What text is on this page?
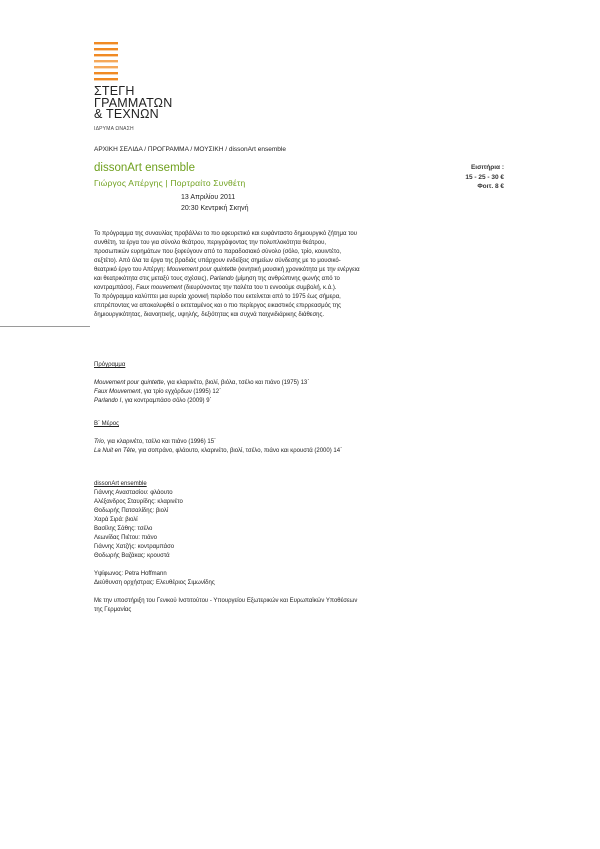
ΣΤΕΓΗ
ΓΡΑΜΜΑΤΩΝ
& ΤΕΧΝΩΝ
ΙΔΡΥΜΑ ΩΝΑΣΗ
ΑΡΧΙΚΗ ΣΕΛΙΔΑ / ΠΡΟΓΡΑΜΜΑ / ΜΟΥΣΙΚΗ / dissonArt ensemble
dissonArt ensemble
Γιώργος Απέργης | Πορτραίτο Συνθέτη
13 Απριλίου 2011
20:30 Κεντρική Σκηνή
Εισιτήρια :
15 - 25 - 30 €
Φοιτ. 8 €

Το πρόγραμμα της συναυλίας προβάλλει το πιο εφευρετικό και ευφάνταστο δημιουργικό ζήτημα του συνθέτη, τα έργα του για σύνολο θεάτρου, περιγράφοντας την πολυπλοκότητα θεάτρου, προσωπικών ευρημάτων που ξεφεύγουν από το παραδοσιακό σύνολο (σόλο, τρίο, κουιντέτο, σεξτέτο). Από όλα τα έργα της βραδιάς υπάρχουν ενδείξεις σημείων σύνδεσης με το μουσικό-θεατρικό έργο του Απέργη: Mouvement pour quintette (κινητική μουσική χρονικότητα με την ενέργεια και θεατρικότητα στις μεταξύ τους σχέσεις), Parlando (μίμηση της ανθρώπινης φωνής από το κοντραμπάσο), Faux mouvement (διευρύνοντας την παλέτα του τι εννοούμε συμβολή, κ.ά.).

Το πρόγραμμα καλύπτει μια ευρεία χρονική περίοδο που εκτείνεται από το 1975 έως σήμερα, επιτρέποντας να αποκαλυφθεί ο εκτεταμένος και ο πιο περίεργος εικαστικός επιρρεασμός της δημιουργικότητας, διανοητικής, υψηλής, δεξιότητας και συχνά παιχνιδιάρικης διάθεσης.

Πρόγραμμα

Mouvement pour quintette, για κλαρινέτο, βιολί, βιόλα, τσέλο και πιάνο (1975) 13΄

Faux Mouvement, για τρίο εγχόρδων (1995) 12΄

Parlando I, για κοντραμπάσο σόλο (2009) 9΄

Β΄ Μέρος

Trio, για κλαρινέτο, τσέλο και πιάνο (1996) 15΄

La Nuit en Tête, για σοπράνο, φλάουτο, κλαρινέτο, βιολί, τσέλο, πιάνο και κρουστά (2000) 14΄

dissonArt ensemble

Γιάννης Αναστασίου: φλάουτο

Αλέξανδρος Σταυρίδης: κλαρινέτο

Θοδωρής Πατσαλίδης: βιολί

Χαρά Σιρά: βιολί

Βασίλης Σάθης: τσέλο

Λεωνίδας Πιέτου: πιάνο

Γιάννης Χατζής: κοντραμπάσο

Θοδωρής Βαζάκας: κρουστά

Υψίφωνος: Petra Hoffmann

Διεύθυνση ορχήστρας: Ελευθέριος Σιμωνίδης

Με την υποστήριξη του Γενικού Ινστιτούτου - Υπουργείου Εξωτερικών και Ευρωπαϊκών Υποθέσεων της Γερμανίας
